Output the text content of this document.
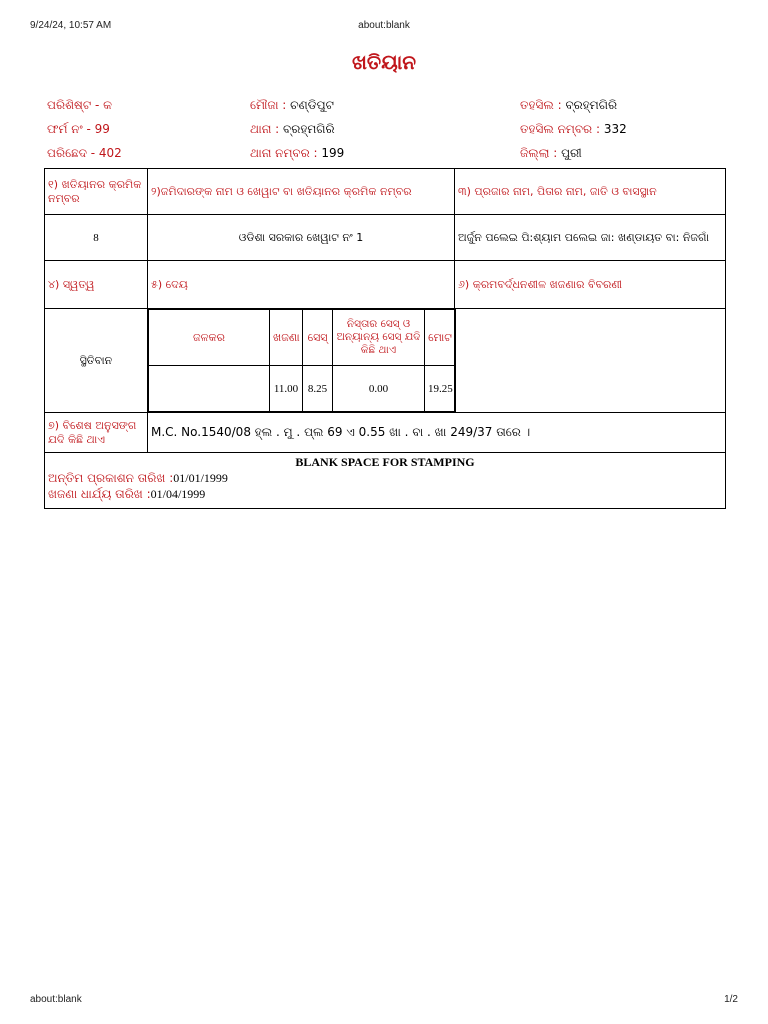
9/24/24, 10:57 AM	about:blank
ଖତିୟାନ
ପରିଶିଷ୍ଟ - କ	ମୌଜା : ଚଣ୍ଡିପୁଟ	ତହସିଲ : ବ୍ରହ୍ମଗିରି
ଫର୍ମ ନଂ - 99	ଥାନା : ବ୍ରହ୍ମଗିରି	ତହସିଲ ନମ୍ବର : 332
ପରିଛେଦ - 402	ଥାନା ନମ୍ବର : 199	ଜିଲ୍ଲା : ପୁରୀ
୧) ଖତିୟାନର କ୍ରମିକ ନମ୍ବର	୨)ଜମିଦାରଙ୍କ ନାମ ଓ ଖେୱାଟ ବା ଖତିୟାନର କ୍ରମିକ ନମ୍ବର	୩) ପ୍ରଜାର ନାମ, ପିତାର ନାମ, ଜାତି ଓ ବାସସ୍ଥାନ
8	ଓଡିଶା ସରକାର ଖେୱାଟ ନଂ 1	ଅର୍ଜୁନ ପଲେଇ ପି:ଶ୍ୟାମ ପଲେଇ ଜା: ଖଣ୍ଡାୟତ ବା: ନିଜଗାଁ
୪) ସ୍ୱତ୍ୱ	୫) ଦେୟ	୬) କ୍ରମବର୍ଦ୍ଧନଶୀଳ ଖଜଣାର ବିବରଣୀ
ସ୍ଥିତିବାନ	
ଜଳକର	ଖଜଣା	ସେସ୍	ନିସ୍ତାର ସେସ୍ ଓ ଅନ୍ୟାନ୍ୟ ସେସ୍ ଯଦି କିଛି ଥାଏ	ମୋଟ
	11.00	8.25	0.00	19.25

୭) ବିଶେଷ ଅନୁସଙ୍ଗ ଯଦି କିଛି ଥାଏ	M.C. No.1540/08 ହ୍ଲ . ମୁ . ପ୍ଲ 69 ଏ 0.55 ଖା . ବା . ଖା 249/37 ତାରେ ।

BLANK SPACE FOR STAMPING
ଅନ୍ତିମ ପ୍ରକାଶନ ତାରିଖ :01/01/1999
ଖଜଣା ଧାର୍ଯ୍ୟ ତାରିଖ :01/04/1999
about:blank	1/2
